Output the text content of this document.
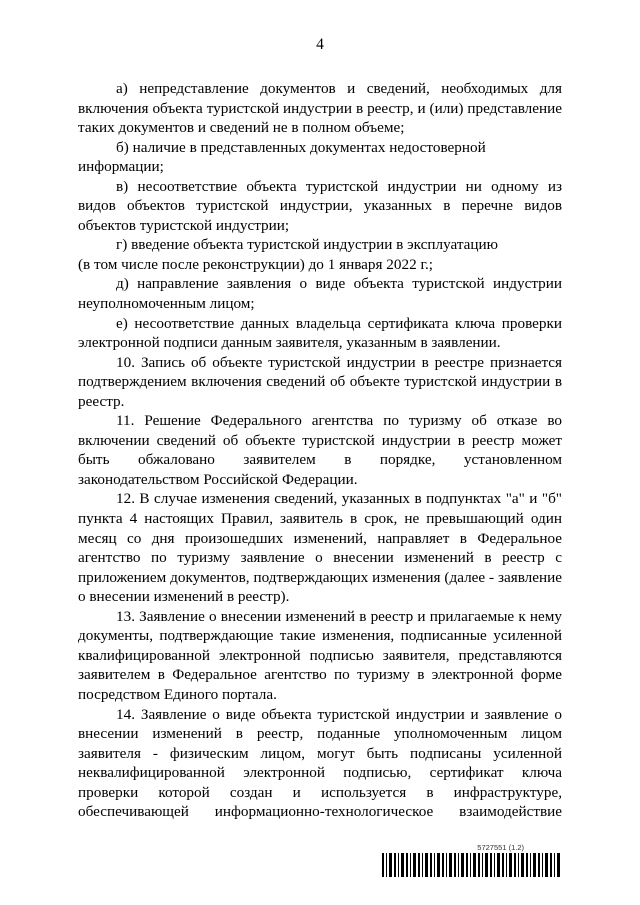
4

а) непредставление документов и сведений, необходимых для включения объекта туристской индустрии в реестр, и (или) представление таких документов и сведений не в полном объеме;

б) наличие в представленных документах недостоверной
информации;

в) несоответствие объекта туристской индустрии ни одному из видов объектов туристской индустрии, указанных в перечне видов объектов туристской индустрии;

г) введение объекта туристской индустрии в эксплуатацию
(в том числе после реконструкции) до 1 января 2022 г.;

д) направление заявления о виде объекта туристской индустрии неуполномоченным лицом;

е) несоответствие данных владельца сертификата ключа проверки электронной подписи данным заявителя, указанным в заявлении.

10. Запись об объекте туристской индустрии в реестре признается подтверждением включения сведений об объекте туристской индустрии в реестр.

11. Решение Федерального агентства по туризму об отказе во включении сведений об объекте туристской индустрии в реестр может быть обжаловано заявителем в порядке, установленном законодательством Российской Федерации.

12. В случае изменения сведений, указанных в подпунктах "а" и "б" пункта 4 настоящих Правил, заявитель в срок, не превышающий один месяц со дня произошедших изменений, направляет в Федеральное агентство по туризму заявление о внесении изменений в реестр с приложением документов, подтверждающих изменения (далее - заявление о внесении изменений в реестр).

13. Заявление о внесении изменений в реестр и прилагаемые к нему документы, подтверждающие такие изменения, подписанные усиленной квалифицированной электронной подписью заявителя, представляются заявителем в Федеральное агентство по туризму в электронной форме посредством Единого портала.

14. Заявление о виде объекта туристской индустрии и заявление о внесении изменений в реестр, поданные уполномоченным лицом заявителя - физическим лицом, могут быть подписаны усиленной неквалифицированной электронной подписью, сертификат ключа проверки которой создан и используется в инфраструктуре, обеспечивающей информационно-технологическое взаимодействие

5727551 (1.2)
